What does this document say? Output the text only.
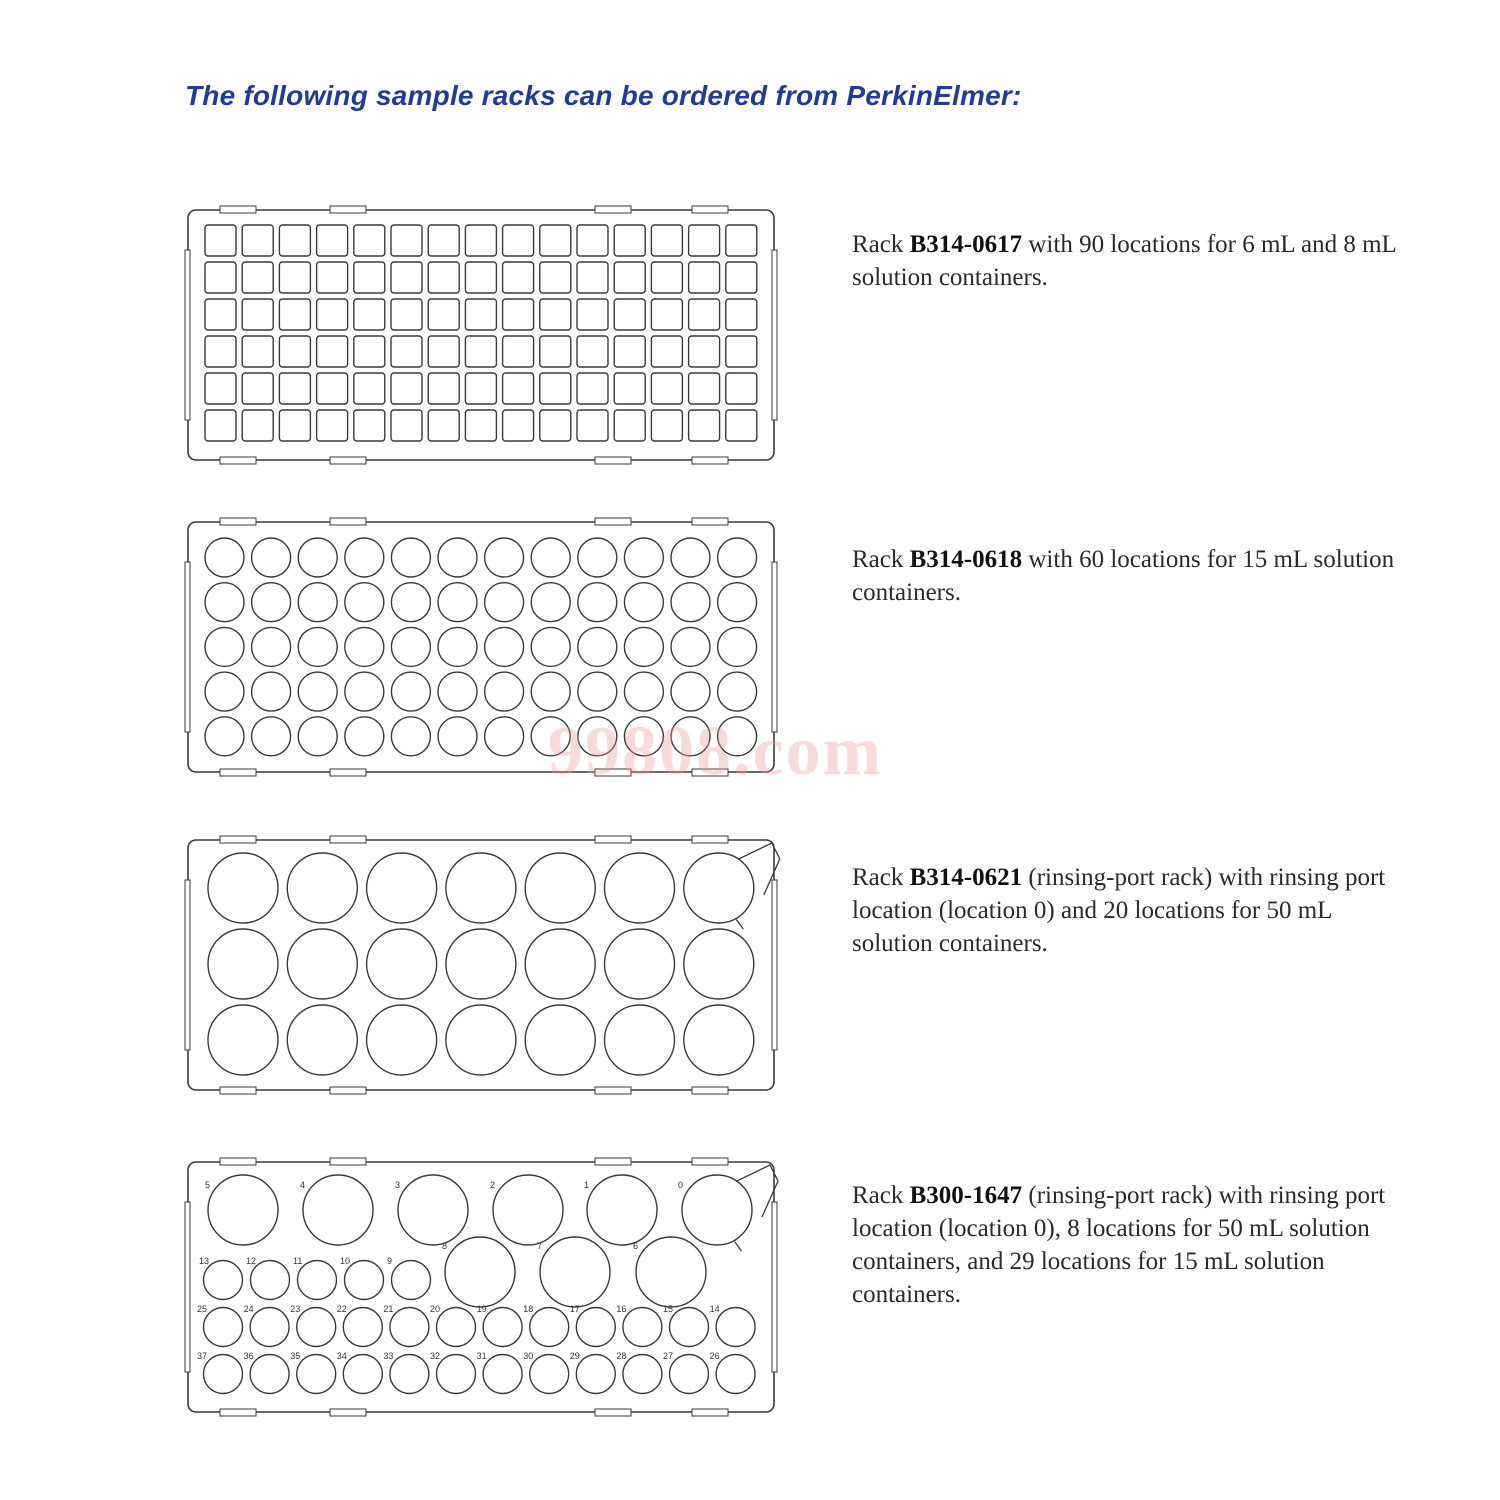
The following sample racks can be ordered from PerkinElmer:

Rack B314-0617 with 90 locations for 6 mL and 8 mL solution containers.

Rack B314-0618 with 60 locations for 15 mL solution containers.

Rack B314-0621 (rinsing-port rack) with rinsing port location (location 0) and 20 locations for 50 mL solution containers.

5	4	3	2	1	0
8	7	6
13	12	11	10	9
25	24	23	22	21	20	19	18	17	16	15	14
37	36	35	34	33	32	31	30	29	28	27	26

Rack B300-1647 (rinsing-port rack) with rinsing port location (location 0), 8 locations for 50 mL solution containers, and 29 locations for 15 mL solution containers.

99808.com
